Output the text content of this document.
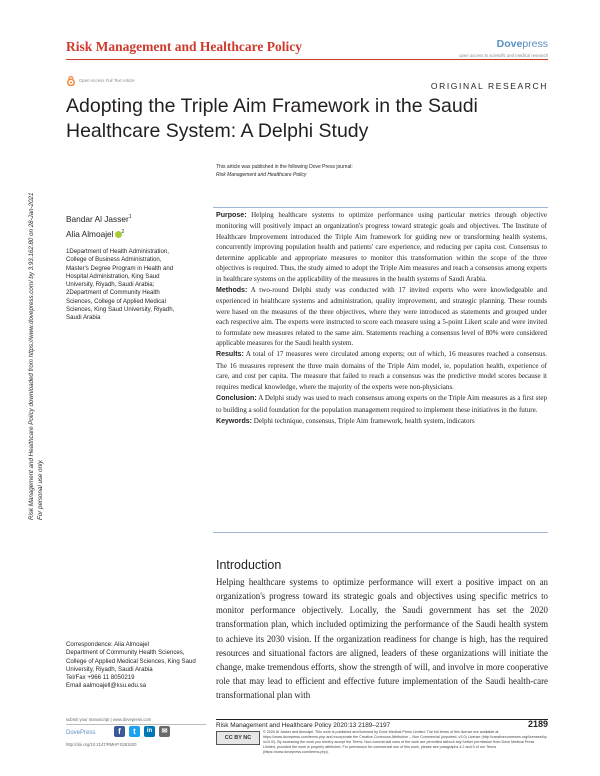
Risk Management and Healthcare Policy	Dovepress
open access to scientific and medical research
Open Access Full Text Article
ORIGINAL RESEARCH
Adopting the Triple Aim Framework in the Saudi Healthcare System: A Delphi Study
This article was published in the following Dove Press journal:
Risk Management and Healthcare Policy
Bandar Al Jasser$^1$
Alia Almoajel $^2$

1Department of Health Administration, College of Business Administration, Master's Degree Program in Health and Hospital Administration, King Saud University, Riyadh, Saudi Arabia;

2Department of Community Health Sciences, College of Applied Medical Sciences, King Saud University, Riyadh, Saudi Arabia

Risk Management and Healthcare Policy downloaded from https://www.dovepress.com/ by 3.93.162.80 on 28-Jan-2021 For personal use only.

Purpose: Helping healthcare systems to optimize performance using particular metrics through objective monitoring will positively impact an organization's progress toward strategic goals and objectives. The Institute of Healthcare Improvement introduced the Triple Aim framework for guiding new or transforming health systems, concurrently improving population health and patients' care experience, and reducing per capita cost. Consensus to determine applicable and appropriate measures to monitor this transformation within the scope of the three objectives is required. Thus, the study aimed to adopt the Triple Aim measures and reach a consensus among experts in healthcare systems on the applicability of the measures in the health systems of Saudi Arabia.

Methods: A two-round Delphi study was conducted with 17 invited experts who were knowledgeable and experienced in healthcare systems and administration, quality improvement, and strategic planning. These rounds were based on the measures of the three objectives, where they were introduced as statements and grouped under each respective aim. The experts were instructed to score each measure using a 5-point Likert scale and were invited to formulate new measures related to the same aim. Statements reaching a consensus level of 80% were considered applicable measures for the Saudi health system.

Results: A total of 17 measures were circulated among experts; out of which, 16 measures reached a consensus. The 16 measures represent the three main domains of the Triple Aim model, ie, population health, experience of care, and cost per capita. The measure that failed to reach a consensus was the predictive model scores because it requires medical knowledge, where the majority of the experts were non-physicians.

Conclusion: A Delphi study was used to reach consensus among experts on the Triple Aim measures as a first step to building a solid foundation for the population management required to implement these initiatives in the future.

Keywords: Delphi technique, consensus, Triple Aim framework, health system, indicators

Introduction
Helping healthcare systems to optimize performance will exert a positive impact on an organization's progress toward its strategic goals and objectives using specific metrics to monitor performance objectively. Locally, the Saudi government has set the 2020 transformation plan, which included optimizing the performance of the Saudi health system to achieve its 2030 vision. If the organization readiness for change is high, has the required resources and situational factors are aligned, leaders of these organizations will initiate the change, make tremendous efforts, show the strength of will, and involve in more cooperative role that may lead to efficient and effective future implementation of the Saudi health-care transformational plan with
Correspondence: Alia Almoajel
Department of Community Health Sciences, College of Applied Medical Sciences, King Saud University, Riyadh, Saudi Arabia
Tel/Fax +966 11 8050219
Email aalmoajell@ksu.edu.sa
submit your manuscript | www.dovepress.com
DovePress	f	t	in	✉
http://doi.org/10.2147/RMHP.S281620
Risk Management and Healthcare Policy 2020:13 2189–2197	2189
CC BY NC
© 2020 Al Jasser and Almoajel. This work is published and licensed by Dove Medical Press Limited. The full terms of this license are available at https://www.dovepress.com/terms.php and incorporate the Creative Commons Attribution – Non Commercial (unported, v3.0) License (http://creativecommons.org/licenses/by-nc/3.0/). By accessing the work you hereby accept the Terms. Non-commercial uses of the work are permitted without any further permission from Dove Medical Press Limited, provided the work is properly attributed. For permission for commercial use of this work, please see paragraphs 4.2 and 5 of our Terms (https://www.dovepress.com/terms.php).
